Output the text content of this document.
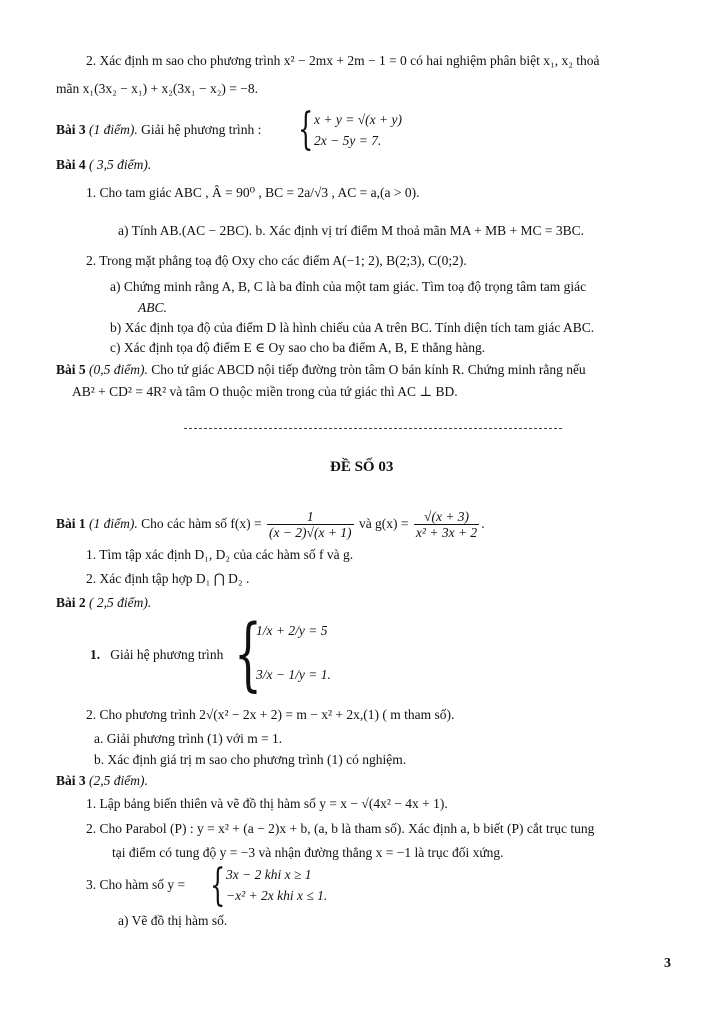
2. Xác định m sao cho phương trình x² − 2mx + 2m − 1 = 0 có hai nghiệm phân biệt x₁, x₂ thoả
mãn x₁(3x₂ − x₁) + x₂(3x₁ − x₂) = −8.
Bài 3 (1 điểm). Giải hệ phương trình : { x + y = √(x + y)
2x − 5y = 7.
Bài 4 ( 3,5 điểm).
1. Cho tam giác ABC , Â = 90⁰ , BC = 2a/√3 , AC = a,(a > 0).
a) Tính AB.(AC − 2BC). b. Xác định vị trí điểm M thoả mãn MA + MB + MC = 3BC.
2. Trong mặt phẳng toạ độ Oxy cho các điểm A(−1; 2), B(2;3), C(0;2).
a) Chứng minh rằng A, B, C là ba đỉnh của một tam giác. Tìm toạ độ trọng tâm tam giác
ABC.
b) Xác định tọa độ của điểm D là hình chiếu của A trên BC. Tính diện tích tam giác ABC.
c) Xác định tọa độ điểm E ∈ Oy sao cho ba điểm A, B, E thẳng hàng.
Bài 5 (0,5 điểm). Cho tứ giác ABCD nội tiếp đường tròn tâm O bán kính R. Chứng minh rằng nếu
AB² + CD² = 4R² và tâm O thuộc miền trong của tứ giác thì AC ⊥ BD.
ĐỀ SỐ 03
Bài 1 (1 điểm). Cho các hàm số $f(x) = \frac{1}{(x - 2)√(x + 1)}$ và $g(x) = \frac{√(x + 3)}{\text{x² + 3x + 2}}$ .
1. Tìm tập xác định D₁, D₂ của các hàm số f và g.
2. Xác định tập hợp D₁ ⋂ D₂ .
Bài 2 ( 2,5 điểm).
1. Giải hệ phương trình {
1/x + 2/y = 5
3/x − 1/y = 1.
2. Cho phương trình 2√(x² − 2x + 2) = m − x² + 2x,(1) ( m tham số).
a. Giải phương trình (1) với m = 1.
b. Xác định giá trị m sao cho phương trình (1) có nghiệm.
Bài 3 (2,5 điểm).
1. Lập bảng biến thiên và vẽ đồ thị hàm số y = x − √(4x² − 4x + 1).
2. Cho Parabol (P) : y = x² + (a − 2)x + b, (a, b là tham số). Xác định a, b biết (P) cắt trục tung
tại điểm có tung độ y = −3 và nhận đường thẳng x = −1 là trục đối xứng.
3. Cho hàm số y = { 3x − 2 khi x ≥ 1
−x² + 2x khi x ≤ 1.
a) Vẽ đồ thị hàm số.
3
